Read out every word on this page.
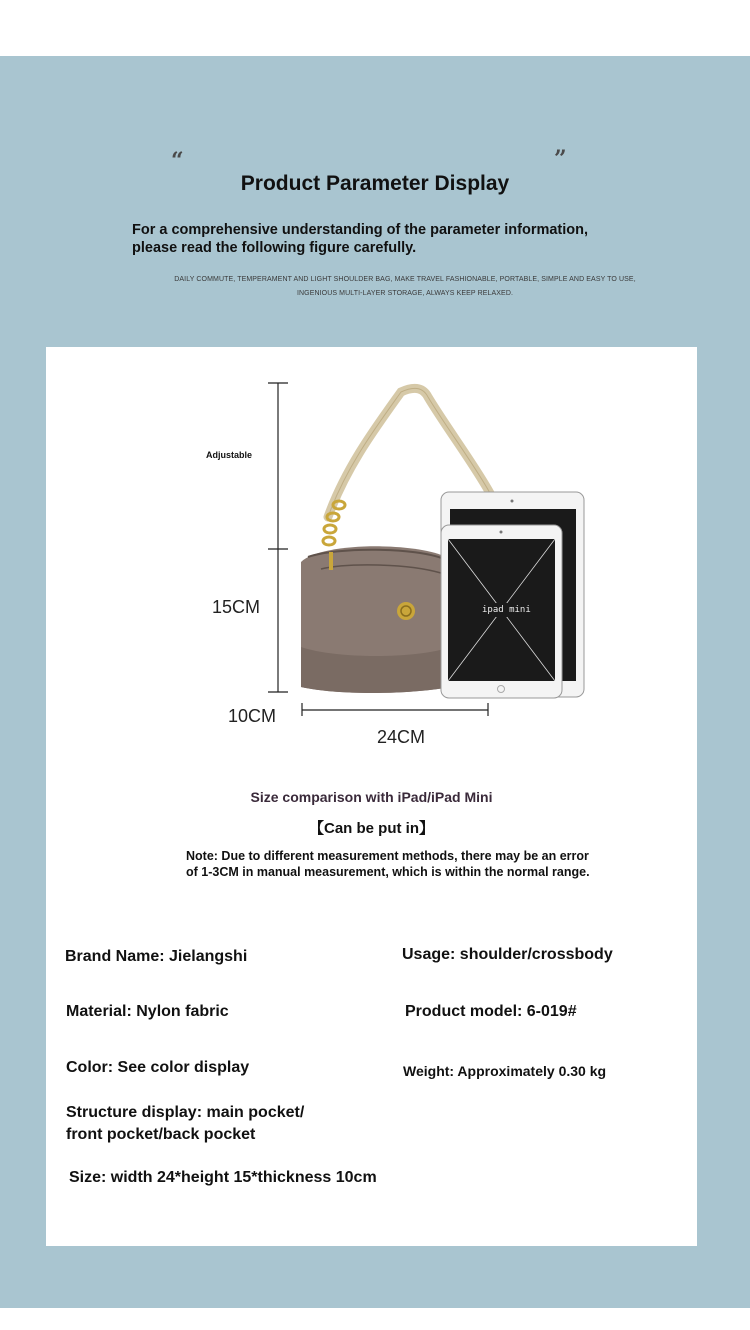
“	”
Product Parameter Display
For a comprehensive understanding of the parameter information,
please read the following figure carefully.
DAILY COMMUTE, TEMPERAMENT AND LIGHT SHOULDER BAG, MAKE TRAVEL FASHIONABLE, PORTABLE, SIMPLE AND EASY TO USE,
INGENIOUS MULTI-LAYER STORAGE, ALWAYS KEEP RELAXED.
Adjustable
15CM
10CM
24CM
ipad mini
Size comparison with iPad/iPad Mini
【Can be put in】
Note: Due to different measurement methods, there may be an error
of 1-3CM in manual measurement, which is within the normal range.
Brand Name: Jielangshi	Usage: shoulder/crossbody
Material: Nylon fabric	Product model: 6-019#
Color: See color display	Weight: Approximately 0.30 kg
Structure display: main pocket/
front pocket/back pocket
Size: width 24*height 15*thickness 10cm
